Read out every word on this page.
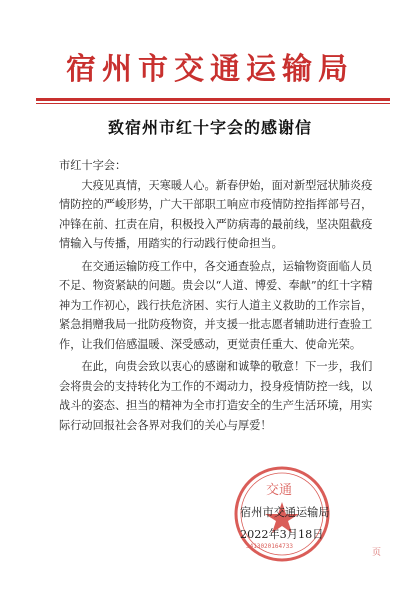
宿州市交通运输局
致宿州市红十字会的感谢信

市红十字会：

大疫见真情，天寒暖人心。新春伊始，面对新型冠状肺炎疫情防控的严峻形势，广大干部职工响应市疫情防控指挥部号召，冲锋在前、扛责在肩，积极投入严防病毒的最前线，坚决阻截疫情输入与传播，用踏实的行动践行使命担当。

在交通运输防疫工作中，各交通查验点，运输物资面临人员不足、物资紧缺的问题。贵会以“人道、博爱、奉献”的红十字精神为工作初心，践行扶危济困、实行人道主义救助的工作宗旨，紧急捐赠我局一批防疫物资，并支援一批志愿者辅助进行查验工作，让我们倍感温暖、深受感动，更觉责任重大、使命光荣。

在此，向贵会致以衷心的感谢和诚挚的敬意！下一步，我们会将贵会的支持转化为工作的不竭动力，投身疫情防控一线，以战斗的姿态、担当的精神为全市打造安全的生产生活环境，用实际行动回报社会各界对我们的关心与厚爱！

交通
3413020164733
宿州市交通运输局
2022年3月18日
页
